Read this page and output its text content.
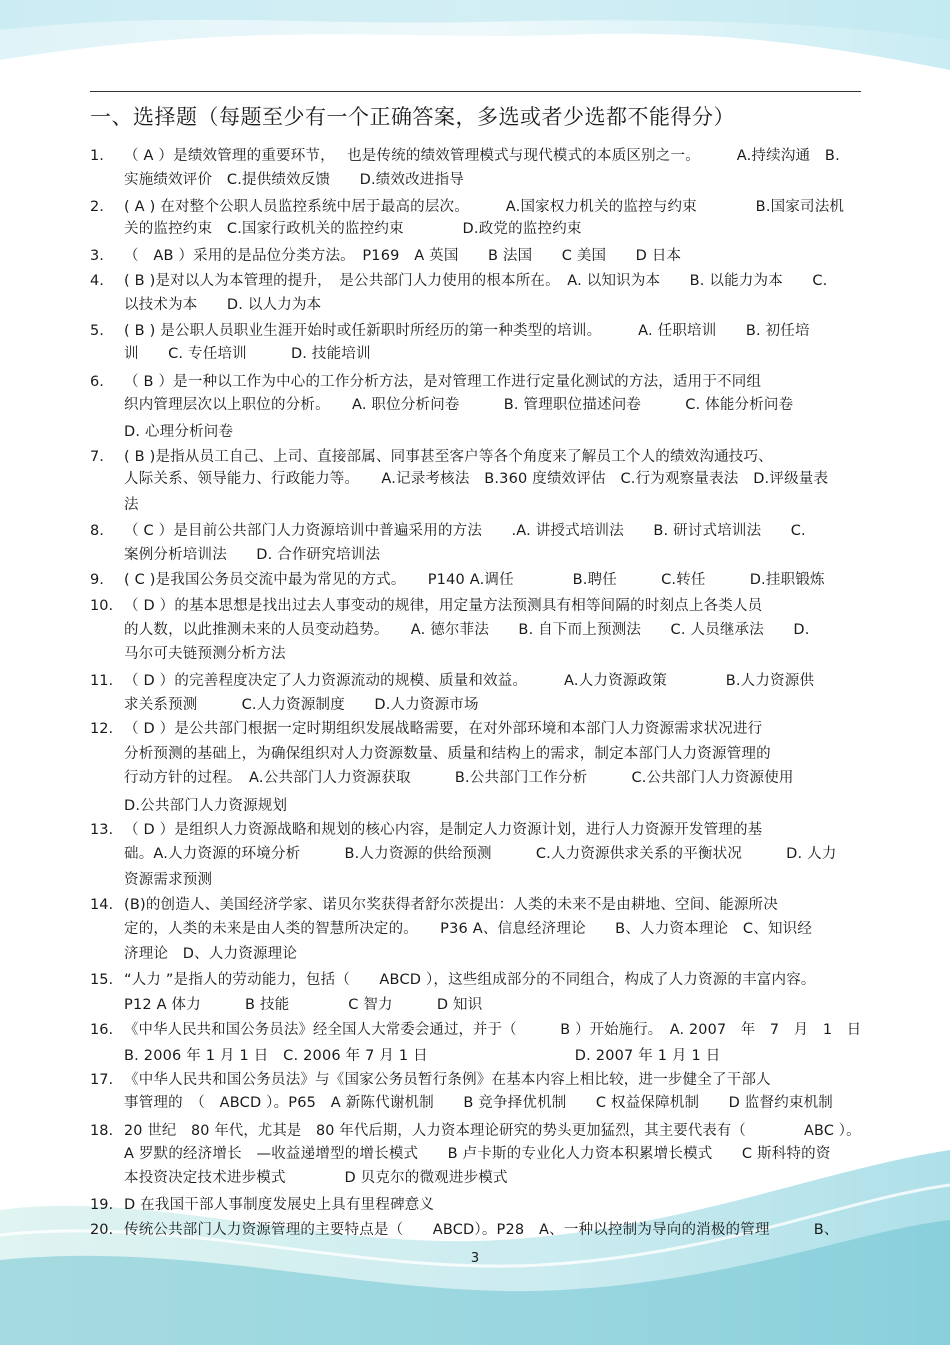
一、选择题（每题至少有一个正确答案，多选或者少选都不能得分）
1. （ A ）是绩效管理的重要环节，　 也是传统的绩效管理模式与现代模式的本质区别之一。　　　A.持续沟通　B.
实施绩效评价　C.提供绩效反馈　　D.绩效改进指导
2. ( A ) 在对整个公职人员监控系统中居于最高的层次。　　　A.国家权力机关的监控与约束　　　　B.国家司法机
关的监控约束　C.国家行政机关的监控约束　　　　D.政党的监控约束
3. （　AB ）采用的是品位分类方法。　P169　A 英国　　B 法国　　C 美国　　D 日本
4. ( B )是对以人为本管理的提升，　是公共部门人力使用的根本所在。　A. 以知识为本　　B. 以能力为本　　C.
以技术为本　　D. 以人力为本
5. ( B ) 是公职人员职业生涯开始时或任新职时所经历的第一种类型的培训。　　　A. 任职培训　　B. 初任培
训　　C. 专任培训　　　D. 技能培训
6. （ B ）是一种以工作为中心的工作分析方法，是对管理工作进行定量化测试的方法，适用于不同组
织内管理层次以上职位的分析。　　A. 职位分析问卷　　　B. 管理职位描述问卷　　　C. 体能分析问卷
D. 心理分析问卷
7. ( B )是指从员工自己、上司、直接部属、同事甚至客户等各个角度来了解员工个人的绩效沟通技巧、
人际关系、领导能力、行政能力等。　　A.记录考核法　B.360 度绩效评估　C.行为观察量表法　D.评级量表
法
8. （ C ）是目前公共部门人力资源培训中普遍采用的方法　　.A. 讲授式培训法　　B. 研讨式培训法　　C.
案例分析培训法　　D. 合作研究培训法
9. ( C )是我国公务员交流中最为常见的方式。　　P140 A.调任　　　　B.聘任　　　C.转任　　　D.挂职锻炼
10. （ D ）的基本思想是找出过去人事变动的规律，用定量方法预测具有相等间隔的时刻点上各类人员
的人数，以此推测未来的人员变动趋势。　　A. 德尔菲法　　B. 自下而上预测法　　C. 人员继承法　　D.
马尔可夫链预测分析方法
11. （ D ）的完善程度决定了人力资源流动的规模、质量和效益。　　　A.人力资源政策　　　　B.人力资源供
求关系预测　　　C.人力资源制度　　D.人力资源市场
12. （ D ）是公共部门根据一定时期组织发展战略需要，在对外部环境和本部门人力资源需求状况进行
分析预测的基础上，为确保组织对人力资源数量、质量和结构上的需求，制定本部门人力资源管理的
行动方针的过程。　A.公共部门人力资源获取　　　B.公共部门工作分析　　　C.公共部门人力资源使用
D.公共部门人力资源规划
13. （ D ）是组织人力资源战略和规划的核心内容，是制定人力资源计划，进行人力资源开发管理的基
础。A.人力资源的环境分析　　　B.人力资源的供给预测　　　C.人力资源供求关系的平衡状况　　　D. 人力
资源需求预测
14. (B)的创造人、美国经济学家、诺贝尔奖获得者舒尔茨提出：人类的未来不是由耕地、空间、能源所决
定的，人类的未来是由人类的智慧所决定的。　　P36 A、信息经济理论　　B、人力资本理论　C、知识经
济理论　D、人力资源理论
15. “人力 ”是指人的劳动能力，包括（　　ABCD ），这些组成部分的不同组合，构成了人力资源的丰富内容。
P12 A 体力　　　B 技能　　　　C 智力　　　D 知识
16. 《中华人民共和国公务员法》经全国人大常委会通过，并于（　　　B ）开始施行。　A. 2007　年　7　月　1　日
B. 2006 年 1 月 1 日　C. 2006 年 7 月 1 日　　　　　　　　　　D. 2007 年 1 月 1 日
17. 《中华人民共和国公务员法》与《国家公务员暂行条例》在基本内容上相比较，进一步健全了干部人
事管理的　（　ABCD ）。P65　A 新陈代谢机制　　B 竞争择优机制　　C 权益保障机制　　D 监督约束机制
18. 20 世纪　80 年代，尤其是　80 年代后期，人力资本理论研究的势头更加猛烈，其主要代表有（　　　　ABC ）。
A 罗默的经济增长　—收益递增型的增长模式　　B 卢卡斯的专业化人力资本积累增长模式　　C 斯科特的资
本投资决定技术进步模式　　　　D 贝克尔的微观进步模式
19. D 在我国干部人事制度发展史上具有里程碑意义
20. 传统公共部门人力资源管理的主要特点是（　　ABCD）。P28　A、一种以控制为导向的消极的管理　　　B、
3
